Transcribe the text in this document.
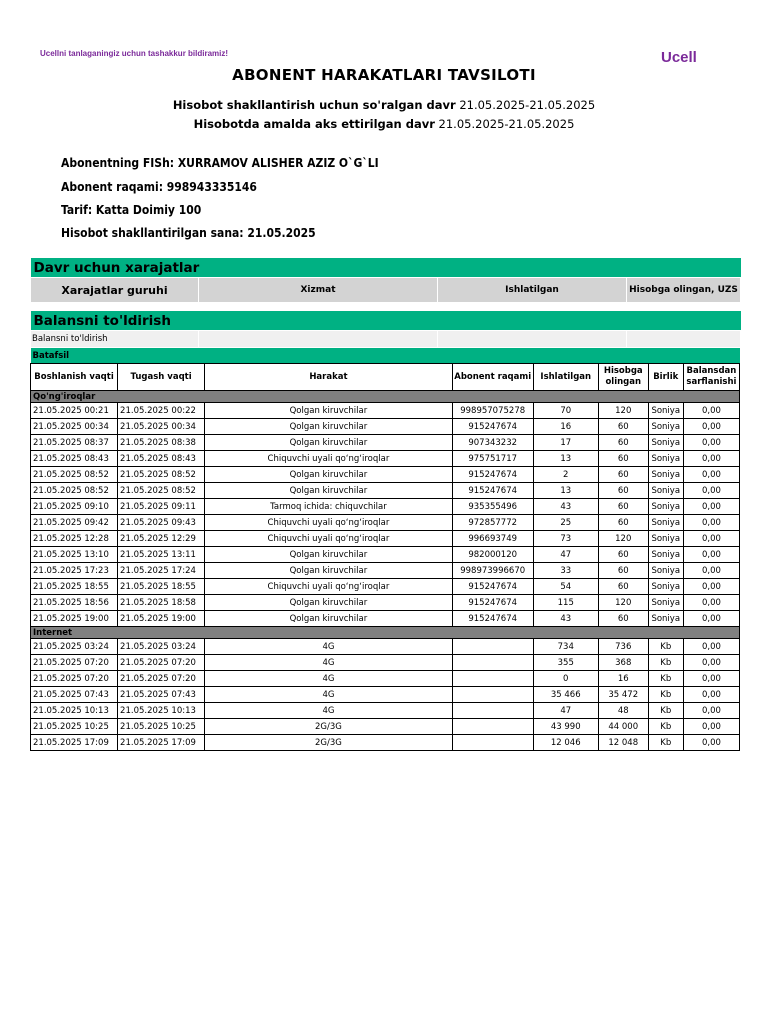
Ucellni tanlaganingiz uchun tashakkur bildiramiz!	Ucell
ABONENT HARAKATLARI TAVSILOTI
Hisobot shakllantirish uchun so'ralgan davr 21.05.2025-21.05.2025
Hisobotda amalda aks ettirilgan davr 21.05.2025-21.05.2025
Abonentning FISh: XURRAMOV ALISHER AZIZ O`G`LI
Abonent raqami: 998943335146
Tarif: Katta Doimiy 100
Hisobot shakllantirilgan sana: 21.05.2025
Davr uchun xarajatlar
Xarajatlar guruhi	Xizmat	Ishlatilgan	Hisobga olingan, UZS
Balansni to'ldirish
Balansni to'ldirish			
Batafsil							
Boshlanish vaqti	Tugash vaqti	Harakat	Abonent raqami	Ishlatilgan	Hisobga olingan	Birlik	Balansdan sarflanishi
Qo'ng'iroqlar							
21.05.2025 00:21	21.05.2025 00:22	Qolgan kiruvchilar	998957075278	70	120	Soniya	0,00
21.05.2025 00:34	21.05.2025 00:34	Qolgan kiruvchilar	915247674	16	60	Soniya	0,00
21.05.2025 08:37	21.05.2025 08:38	Qolgan kiruvchilar	907343232	17	60	Soniya	0,00
21.05.2025 08:43	21.05.2025 08:43	Chiquvchi uyali qo‘ng‘iroqlar	975751717	13	60	Soniya	0,00
21.05.2025 08:52	21.05.2025 08:52	Qolgan kiruvchilar	915247674	2	60	Soniya	0,00
21.05.2025 08:52	21.05.2025 08:52	Qolgan kiruvchilar	915247674	13	60	Soniya	0,00
21.05.2025 09:10	21.05.2025 09:11	Tarmoq ichida: chiquvchilar	935355496	43	60	Soniya	0,00
21.05.2025 09:42	21.05.2025 09:43	Chiquvchi uyali qo‘ng‘iroqlar	972857772	25	60	Soniya	0,00
21.05.2025 12:28	21.05.2025 12:29	Chiquvchi uyali qo‘ng‘iroqlar	996693749	73	120	Soniya	0,00
21.05.2025 13:10	21.05.2025 13:11	Qolgan kiruvchilar	982000120	47	60	Soniya	0,00
21.05.2025 17:23	21.05.2025 17:24	Qolgan kiruvchilar	998973996670	33	60	Soniya	0,00
21.05.2025 18:55	21.05.2025 18:55	Chiquvchi uyali qo‘ng‘iroqlar	915247674	54	60	Soniya	0,00
21.05.2025 18:56	21.05.2025 18:58	Qolgan kiruvchilar	915247674	115	120	Soniya	0,00
21.05.2025 19:00	21.05.2025 19:00	Qolgan kiruvchilar	915247674	43	60	Soniya	0,00
Internet							
21.05.2025 03:24	21.05.2025 03:24	4G		734	736	Kb	0,00
21.05.2025 07:20	21.05.2025 07:20	4G		355	368	Kb	0,00
21.05.2025 07:20	21.05.2025 07:20	4G		0	16	Kb	0,00
21.05.2025 07:43	21.05.2025 07:43	4G		35 466	35 472	Kb	0,00
21.05.2025 10:13	21.05.2025 10:13	4G		47	48	Kb	0,00
21.05.2025 10:25	21.05.2025 10:25	2G/3G		43 990	44 000	Kb	0,00
21.05.2025 17:09	21.05.2025 17:09	2G/3G		12 046	12 048	Kb	0,00
